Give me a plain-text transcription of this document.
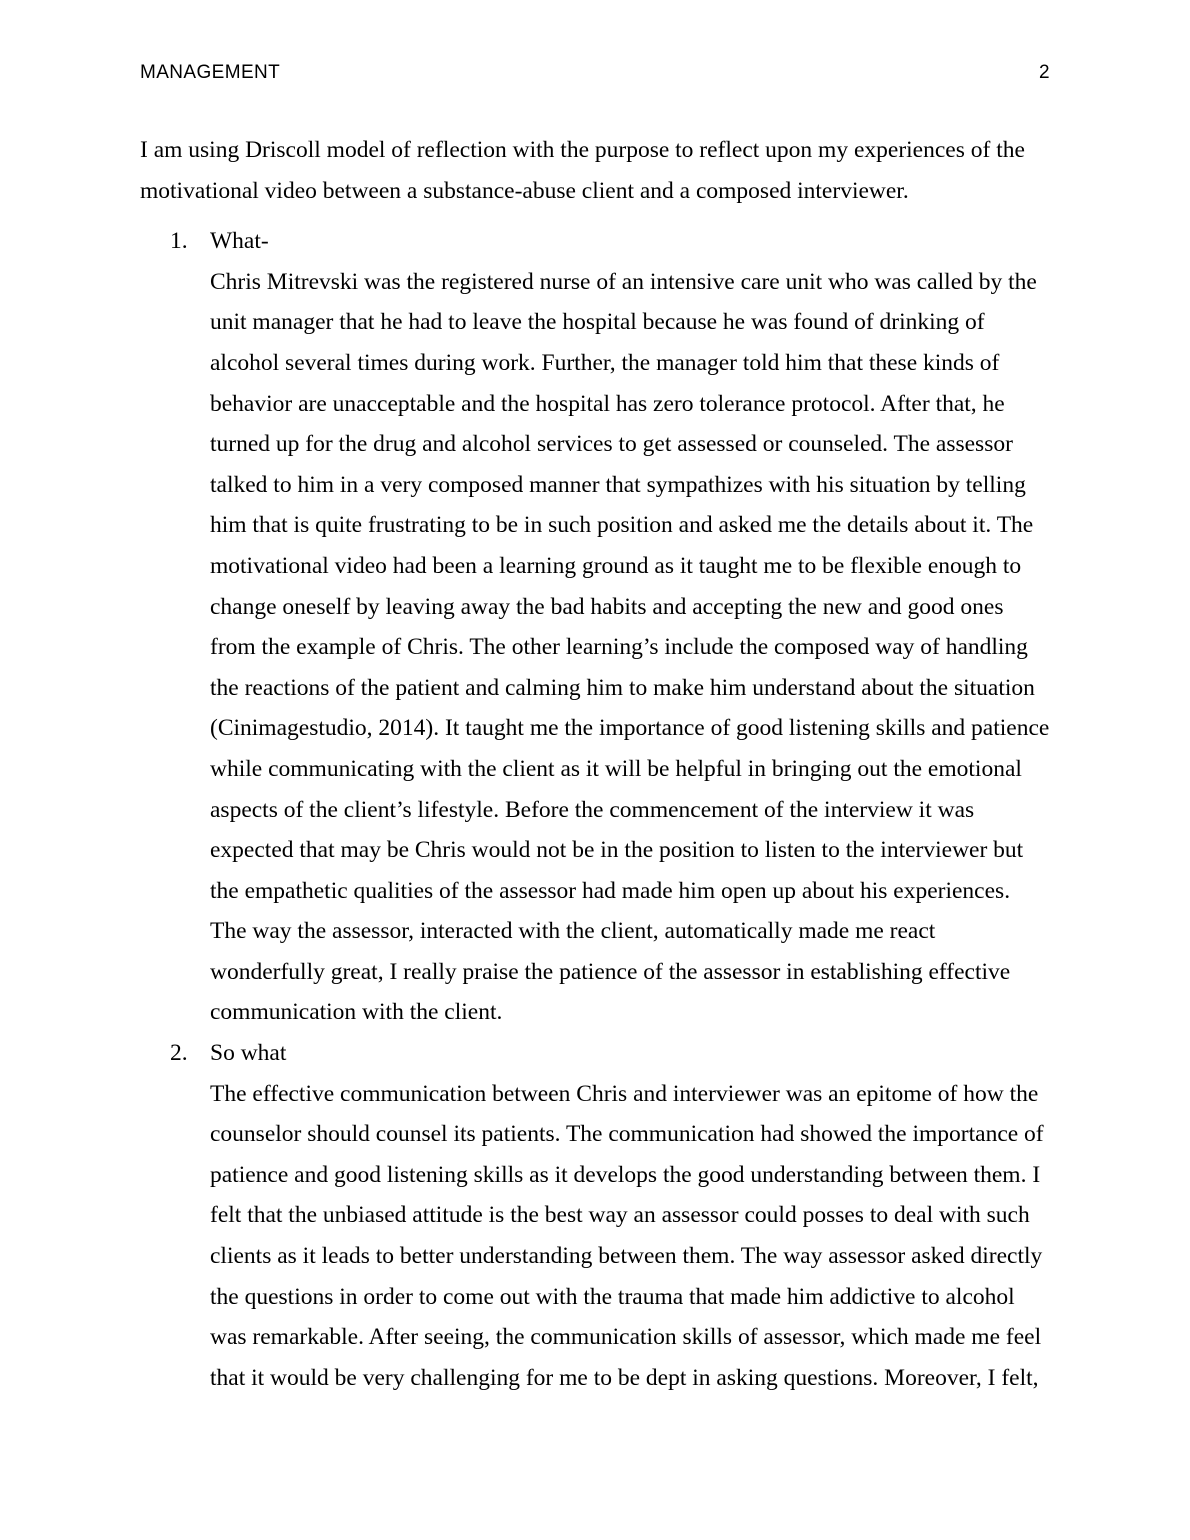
MANAGEMENT	2

I am using Driscoll model of reflection with the purpose to reflect upon my experiences of the motivational video between a substance-abuse client and a composed interviewer.

1. What-
Chris Mitrevski was the registered nurse of an intensive care unit who was called by the unit manager that he had to leave the hospital because he was found of drinking of alcohol several times during work. Further, the manager told him that these kinds of behavior are unacceptable and the hospital has zero tolerance protocol. After that, he turned up for the drug and alcohol services to get assessed or counseled. The assessor talked to him in a very composed manner that sympathizes with his situation by telling him that is quite frustrating to be in such position and asked me the details about it. The motivational video had been a learning ground as it taught me to be flexible enough to change oneself by leaving away the bad habits and accepting the new and good ones from the example of Chris. The other learning’s include the composed way of handling the reactions of the patient and calming him to make him understand about the situation (Cinimagestudio, 2014). It taught me the importance of good listening skills and patience while communicating with the client as it will be helpful in bringing out the emotional aspects of the client’s lifestyle. Before the commencement of the interview it was expected that may be Chris would not be in the position to listen to the interviewer but the empathetic qualities of the assessor had made him open up about his experiences. The way the assessor, interacted with the client, automatically made me react wonderfully great, I really praise the patience of the assessor in establishing effective communication with the client.
2. So what
The effective communication between Chris and interviewer was an epitome of how the counselor should counsel its patients. The communication had showed the importance of patience and good listening skills as it develops the good understanding between them. I felt that the unbiased attitude is the best way an assessor could posses to deal with such clients as it leads to better understanding between them. The way assessor asked directly the questions in order to come out with the trauma that made him addictive to alcohol was remarkable. After seeing, the communication skills of assessor, which made me feel that it would be very challenging for me to be dept in asking questions. Moreover, I felt,
